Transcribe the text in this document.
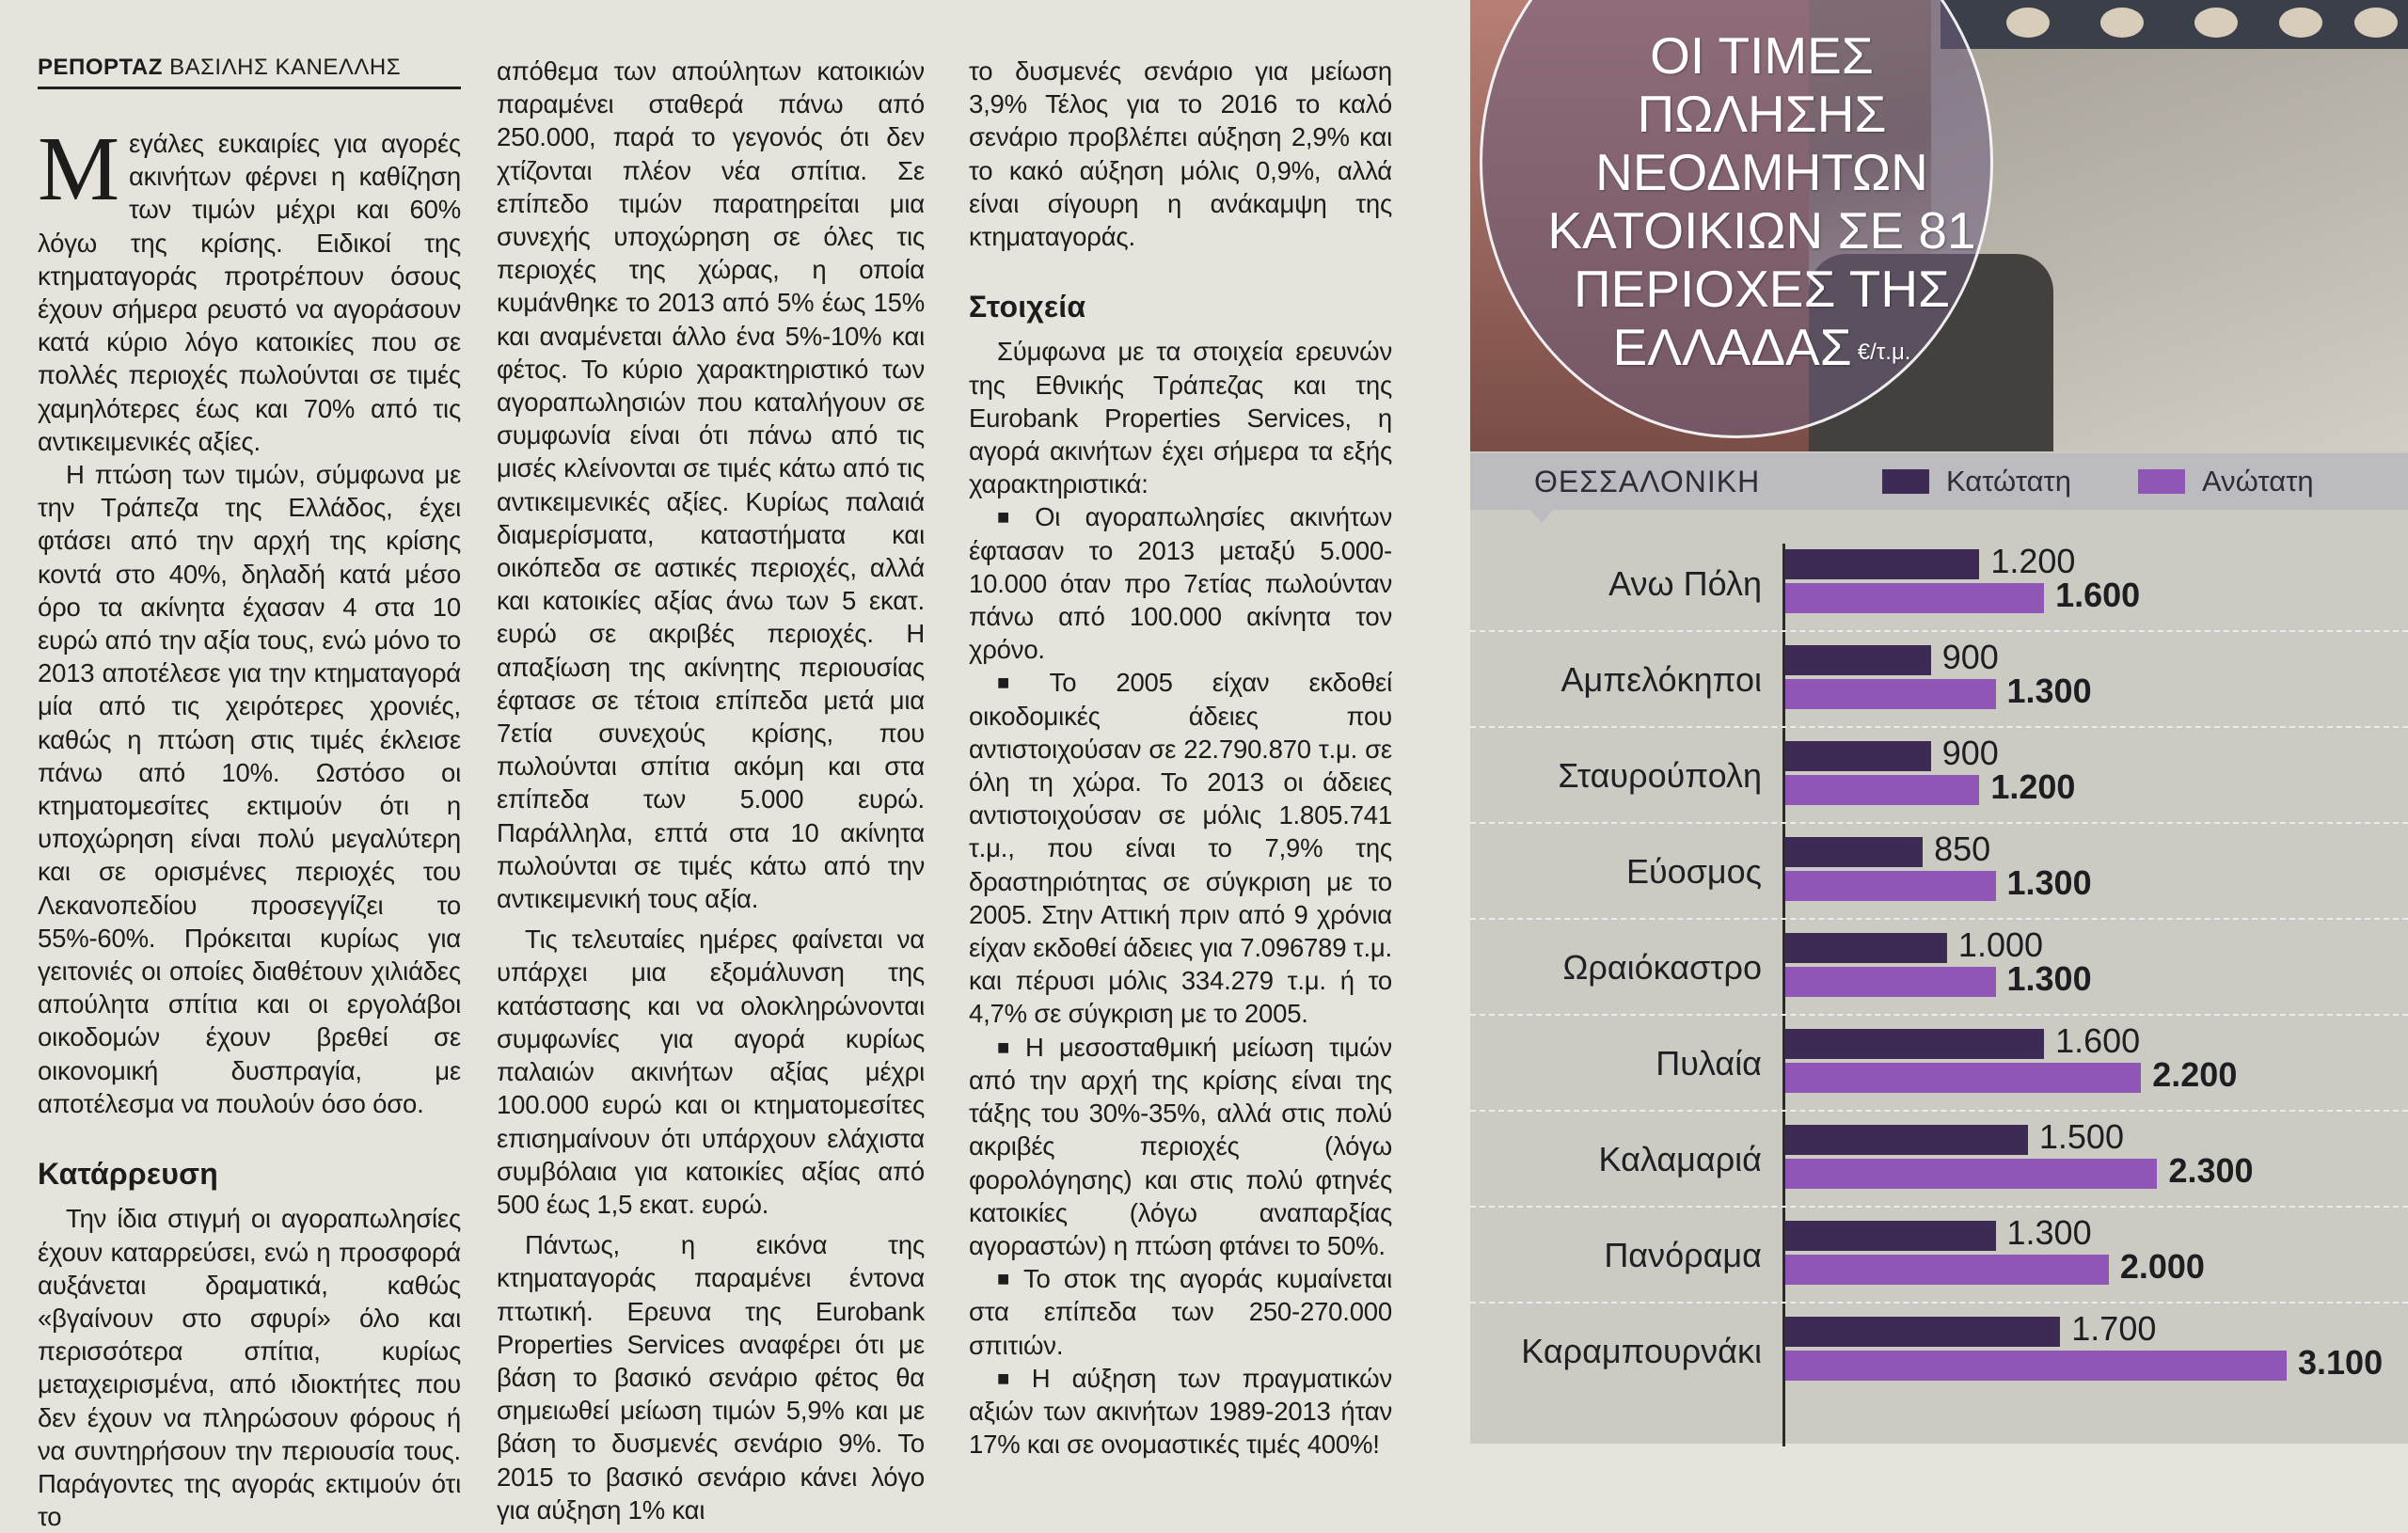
ΡΕΠΟΡΤΑΖ ΒΑΣΙΛΗΣ ΚΑΝΕΛΛΗΣ

Μεγάλες ευκαιρίες για αγορές ακινήτων φέρνει η καθίζηση των τιμών μέχρι και 60% λόγω της κρίσης. Ειδικοί της κτηματαγοράς προτρέπουν όσους έχουν σήμερα ρευστό να αγοράσουν κατά κύριο λόγο κατοικίες που σε πολλές περιοχές πωλούνται σε τιμές χαμηλότερες έως και 70% από τις αντικειμενικές αξίες.

Η πτώση των τιμών, σύμφωνα με την Τράπεζα της Ελλάδος, έχει φτάσει από την αρχή της κρίσης κοντά στο 40%, δηλαδή κατά μέσο όρο τα ακίνητα έχασαν 4 στα 10 ευρώ από την αξία τους, ενώ μόνο το 2013 αποτέλεσε για την κτηματαγορά μία από τις χειρότερες χρονιές, καθώς η πτώση στις τιμές έκλεισε πάνω από 10%. Ωστόσο οι κτηματομεσίτες εκτιμούν ότι η υποχώρηση είναι πολύ μεγαλύτερη και σε ορισμένες περιοχές του Λεκανοπεδίου προσεγγίζει το 55%-60%. Πρόκειται κυρίως για γειτονιές οι οποίες διαθέτουν χιλιάδες απούλητα σπίτια και οι εργολάβοι οικοδομών έχουν βρεθεί σε οικονομική δυσπραγία, με αποτέλεσμα να πουλούν όσο όσο.

Κατάρρευση

Την ίδια στιγμή οι αγοραπωλησίες έχουν καταρρεύσει, ενώ η προσφορά αυξάνεται δραματικά, καθώς «βγαίνουν στο σφυρί» όλο και περισσότερα σπίτια, κυρίως μεταχειρισμένα, από ιδιοκτήτες που δεν έχουν να πληρώσουν φόρους ή να συντηρήσουν την περιουσία τους. Παράγοντες της αγοράς εκτιμούν ότι το

απόθεμα των απούλητων κατοικιών παραμένει σταθερά πάνω από 250.000, παρά το γεγονός ότι δεν χτίζονται πλέον νέα σπίτια. Σε επίπεδο τιμών παρατηρείται μια συνεχής υποχώρηση σε όλες τις περιοχές της χώρας, η οποία κυμάνθηκε το 2013 από 5% έως 15% και αναμένεται άλλο ένα 5%-10% και φέτος. Το κύριο χαρακτηριστικό των αγοραπωλησιών που καταλήγουν σε συμφωνία είναι ότι πάνω από τις μισές κλείνονται σε τιμές κάτω από τις αντικειμενικές αξίες. Κυρίως παλαιά διαμερίσματα, καταστήματα και οικόπεδα σε αστικές περιοχές, αλλά και κατοικίες αξίας άνω των 5 εκατ. ευρώ σε ακριβές περιοχές. Η απαξίωση της ακίνητης περιουσίας έφτασε σε τέτοια επίπεδα μετά μια 7ετία συνεχούς κρίσης, που πωλούνται σπίτια ακόμη και στα επίπεδα των 5.000 ευρώ. Παράλληλα, επτά στα 10 ακίνητα πωλούνται σε τιμές κάτω από την αντικειμενική τους αξία.

Τις τελευταίες ημέρες φαίνεται να υπάρχει μια εξομάλυνση της κατάστασης και να ολοκληρώνονται συμφωνίες για αγορά κυρίως παλαιών ακινήτων αξίας μέχρι 100.000 ευρώ και οι κτηματομεσίτες επισημαίνουν ότι υπάρχουν ελάχιστα συμβόλαια για κατοικίες αξίας από 500 έως 1,5 εκατ. ευρώ.

Πάντως, η εικόνα της κτηματαγοράς παραμένει έντονα πτωτική. Ερευνα της Eurobank Properties Services αναφέρει ότι με βάση το βασικό σενάριο φέτος θα σημειωθεί μείωση τιμών 5,9% και με βάση το δυσμενές σενάριο 9%. Το 2015 το βασικό σενάριο κάνει λόγο για αύξηση 1% και

το δυσμενές σενάριο για μείωση 3,9% Τέλος για το 2016 το καλό σενάριο προβλέπει αύξηση 2,9% και το κακό αύξηση μόλις 0,9%, αλλά είναι σίγουρη η ανάκαμψη της κτηματαγοράς.

Στοιχεία

Σύμφωνα με τα στοιχεία ερευνών της Εθνικής Τράπεζας και της Eurobank Properties Services, η αγορά ακινήτων έχει σήμερα τα εξής χαρακτηριστικά:

■ Οι αγοραπωλησίες ακινήτων έφτασαν το 2013 μεταξύ 5.000-10.000 όταν προ 7ετίας πωλούνταν πάνω από 100.000 ακίνητα τον χρόνο.

■ Το 2005 είχαν εκδοθεί οικοδομικές άδειες που αντιστοιχούσαν σε 22.790.870 τ.μ. σε όλη τη χώρα. Το 2013 οι άδειες αντιστοιχούσαν σε μόλις 1.805.741 τ.μ., που είναι το 7,9% της δραστηριότητας σε σύγκριση με το 2005. Στην Αττική πριν από 9 χρόνια είχαν εκδοθεί άδειες για 7.096789 τ.μ. και πέρυσι μόλις 334.279 τ.μ. ή το 4,7% σε σύγκριση με το 2005.

■ Η μεσοσταθμική μείωση τιμών από την αρχή της κρίσης είναι της τάξης του 30%-35%, αλλά στις πολύ ακριβές περιοχές (λόγω φορολόγησης) και στις πολύ φτηνές κατοικίες (λόγω αναπαρξίας αγοραστών) η πτώση φτάνει το 50%.

■ Το στοκ της αγοράς κυμαίνεται στα επίπεδα των 250-270.000 σπιτιών.

■ Η αύξηση των πραγματικών αξιών των ακινήτων 1989-2013 ήταν 17% και σε ονομαστικές τιμές 400%!

ΟΙ ΤΙΜΕΣ
ΠΩΛΗΣΗΣ
ΝΕΟΔΜΗΤΩΝ
ΚΑΤΟΙΚΙΩΝ ΣΕ 81
ΠΕΡΙΟΧΕΣ ΤΗΣ
ΕΛΛΑΔΑΣ €/τ.μ.
ΘΕΣΣΑΛΟΝΙΚΗ	Κατώτατη	Ανώτατη
Ανω Πόλη
1.200
1.600
Αμπελόκηποι
900
1.300
Σταυρούπολη
900
1.200
Εύοσμος
850
1.300
Ωραιόκαστρο
1.000
1.300
Πυλαία
1.600
2.200
Καλαμαριά
1.500
2.300
Πανόραμα
1.300
2.000
Καραμπουρνάκι
1.700
3.100
